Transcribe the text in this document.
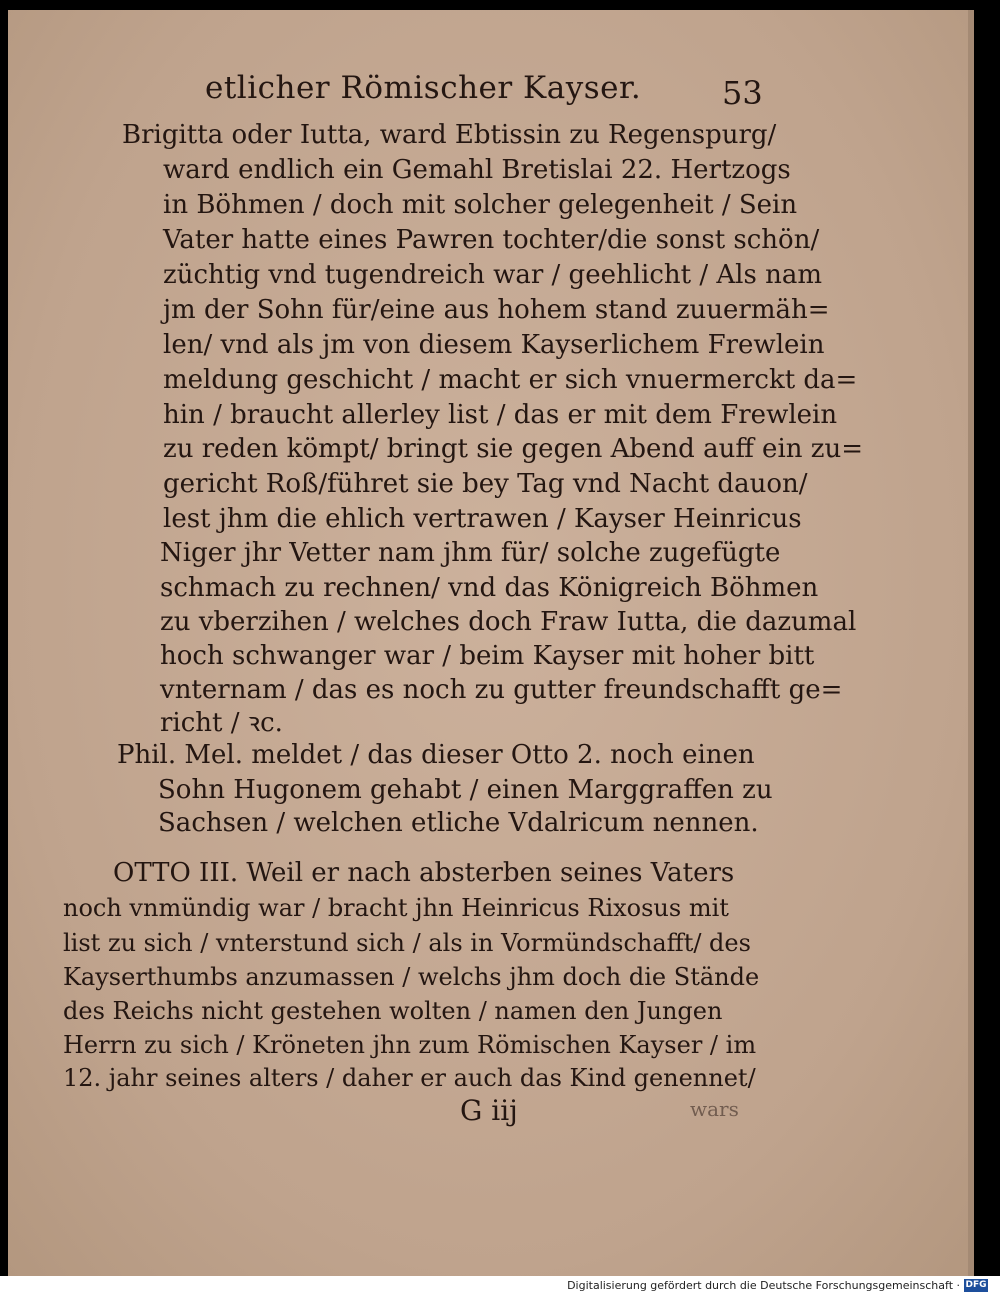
etlicher Römischer Kayser.	53
Brigitta oder Iutta, ward Ebtissin zu Regenspurg/
ward endlich ein Gemahl Bretislai 22. Hertzogs
in Böhmen / doch mit solcher gelegenheit / Sein
Vater hatte eines Pawren tochter/die sonst schön/
züchtig vnd tugendreich war / geehlicht / Als nam
jm der Sohn für/eine aus hohem stand zuuermäh=
len/ vnd als jm von diesem Kayserlichem Frewlein
meldung geschicht / macht er sich vnuermerckt da=
hin / braucht allerley list / das er mit dem Frewlein
zu reden kömpt/ bringt sie gegen Abend auff ein zu=
gericht Roß/führet sie bey Tag vnd Nacht dauon/
lest jhm die ehlich vertrawen / Kayser Heinricus
Niger jhr Vetter nam jhm für/ solche zugefügte
schmach zu rechnen/ vnd das Königreich Böhmen
zu vberzihen / welches doch Fraw Iutta, die dazumal
hoch schwanger war / beim Kayser mit hoher bitt
vnternam / das es noch zu gutter freundschafft ge=
richt / ꝛc.
Phil. Mel. meldet / das dieser Otto 2. noch einen
Sohn Hugonem gehabt / einen Marggraffen zu
Sachsen / welchen etliche Vdalricum nennen.
OTTO III. Weil er nach absterben seines Vaters
noch vnmündig war / bracht jhn Heinricus Rixosus mit
list zu sich / vnterstund sich / als in Vormündschafft/ des
Kayserthumbs anzumassen / welchs jhm doch die Stände
des Reichs nicht gestehen wolten / namen den Jungen
Herrn zu sich / Kröneten jhn zum Römischen Kayser / im
12. jahr seines alters / daher er auch das Kind genennet/
G iij	wars
Digitalisierung gefördert durch die Deutsche Forschungsgemeinschaft · DFG
